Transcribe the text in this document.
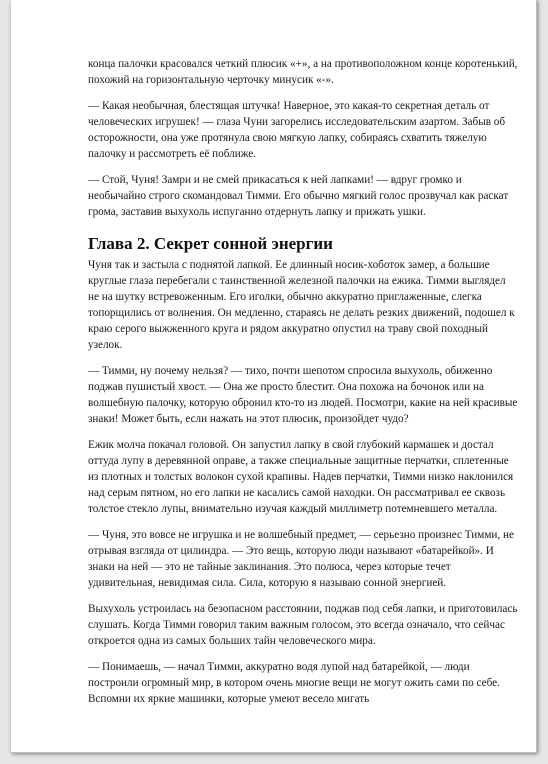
конца палочки красовался четкий плюсик «+», а на противоположном конце коротенький, похожий на горизонтальную черточку минусик «-».

— Какая необычная, блестящая штучка! Наверное, это какая-то секретная деталь от человеческих игрушек! — глаза Чуни загорелись исследовательским азартом. Забыв об осторожности, она уже протянула свою мягкую лапку, собираясь схватить тяжелую палочку и рассмотреть её поближе.

— Стой, Чуня! Замри и не смей прикасаться к ней лапками! — вдруг громко и необычайно строго скомандовал Тимми. Его обычно мягкий голос прозвучал как раскат грома, заставив выхухоль испуганно отдернуть лапку и прижать ушки.

Глава 2. Секрет сонной энергии

Чуня так и застыла с поднятой лапкой. Ее длинный носик-хоботок замер, а большие круглые глаза перебегали с таинственной железной палочки на ежика. Тимми выглядел не на шутку встревоженным. Его иголки, обычно аккуратно приглаженные, слегка топорщились от волнения. Он медленно, стараясь не делать резких движений, подошел к краю серого выжженного круга и рядом аккуратно опустил на траву свой походный узелок.

— Тимми, ну почему нельзя? — тихо, почти шепотом спросила выхухоль, обиженно поджав пушистый хвост. — Она же просто блестит. Она похожа на бочонок или на волшебную палочку, которую обронил кто-то из людей. Посмотри, какие на ней красивые знаки! Может быть, если нажать на этот плюсик, произойдет чудо?

Ежик молча покачал головой. Он запустил лапку в свой глубокий кармашек и достал оттуда лупу в деревянной оправе, а также специальные защитные перчатки, сплетенные из плотных и толстых волокон сухой крапивы. Надев перчатки, Тимми низко наклонился над серым пятном, но его лапки не касались самой находки. Он рассматривал ее сквозь толстое стекло лупы, внимательно изучая каждый миллиметр потемневшего металла.

— Чуня, это вовсе не игрушка и не волшебный предмет, — серьезно произнес Тимми, не отрывая взгляда от цилиндра. — Это вещь, которую люди называют «батарейкой». И знаки на ней — это не тайные заклинания. Это полюса, через которые течет удивительная, невидимая сила. Сила, которую я называю сонной энергией.

Выхухоль устроилась на безопасном расстоянии, поджав под себя лапки, и приготовилась слушать. Когда Тимми говорил таким важным голосом, это всегда означало, что сейчас откроется одна из самых больших тайн человеческого мира.

— Понимаешь, — начал Тимми, аккуратно водя лупой над батарейкой, — люди построили огромный мир, в котором очень многие вещи не могут ожить сами по себе. Вспомни их яркие машинки, которые умеют весело мигать
